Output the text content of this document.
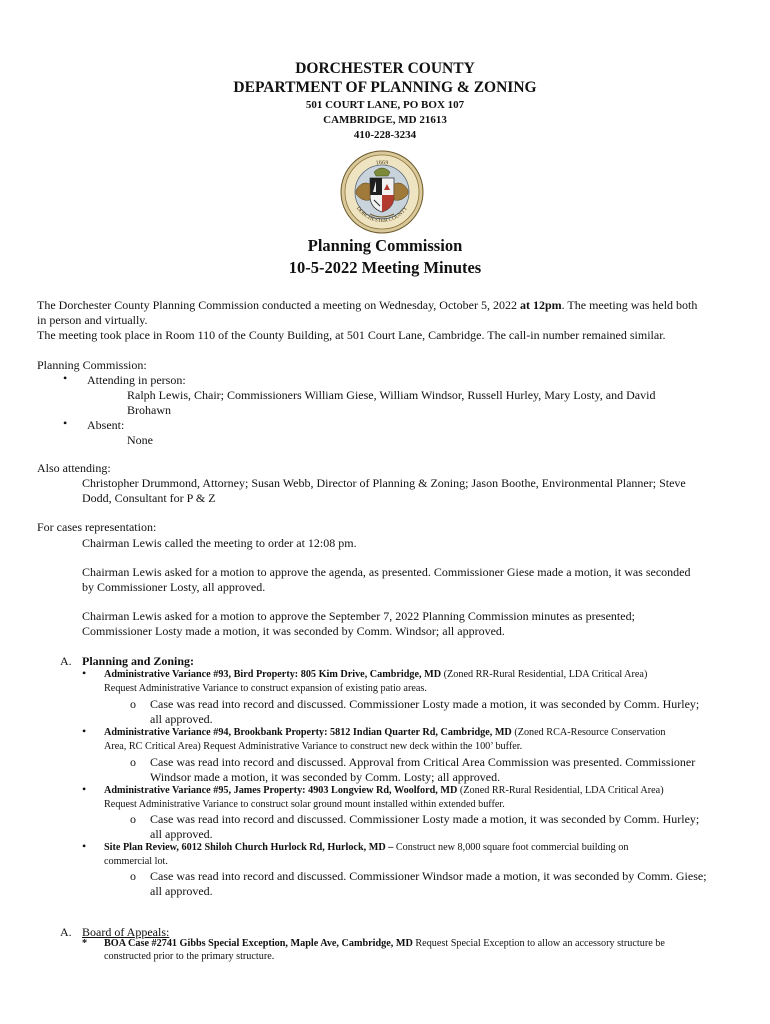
DORCHESTER COUNTY
DEPARTMENT OF PLANNING & ZONING
501 COURT LANE, PO BOX 107
CAMBRIDGE, MD 21613
410-228-3234
1669
DORCHESTER COUNTY
Planning Commission
10-5-2022 Meeting Minutes
The Dorchester County Planning Commission conducted a meeting on Wednesday, October 5, 2022 at 12pm. The meeting was held both
in person and virtually.
The meeting took place in Room 110 of the County Building, at 501 Court Lane, Cambridge. The call-in number remained similar.
Planning Commission:
• Attending in person:
Ralph Lewis, Chair; Commissioners William Giese, William Windsor, Russell Hurley, Mary Losty, and David
Brohawn
• Absent:
None
Also attending:
Christopher Drummond, Attorney; Susan Webb, Director of Planning & Zoning; Jason Boothe, Environmental Planner; Steve
Dodd, Consultant for P & Z
For cases representation:
Chairman Lewis called the meeting to order at 12:08 pm.
Chairman Lewis asked for a motion to approve the agenda, as presented. Commissioner Giese made a motion, it was seconded
by Commissioner Losty, all approved.
Chairman Lewis asked for a motion to approve the September 7, 2022 Planning Commission minutes as presented;
Commissioner Losty made a motion, it was seconded by Comm. Windsor; all approved.
A. Planning and Zoning:
• Administrative Variance #93, Bird Property: 805 Kim Drive, Cambridge, MD (Zoned RR-Rural Residential, LDA Critical Area)
Request Administrative Variance to construct expansion of existing patio areas.
o Case was read into record and discussed. Commissioner Losty made a motion, it was seconded by Comm. Hurley;
all approved.
• Administrative Variance #94, Brookbank Property: 5812 Indian Quarter Rd, Cambridge, MD (Zoned RCA-Resource Conservation
Area, RC Critical Area) Request Administrative Variance to construct new deck within the 100’ buffer.
o Case was read into record and discussed. Approval from Critical Area Commission was presented. Commissioner
Windsor made a motion, it was seconded by Comm. Losty; all approved.
• Administrative Variance #95, James Property: 4903 Longview Rd, Woolford, MD (Zoned RR-Rural Residential, LDA Critical Area)
Request Administrative Variance to construct solar ground mount installed within extended buffer.
o Case was read into record and discussed. Commissioner Losty made a motion, it was seconded by Comm. Hurley;
all approved.
• Site Plan Review, 6012 Shiloh Church Hurlock Rd, Hurlock, MD – Construct new 8,000 square foot commercial building on
commercial lot.
o Case was read into record and discussed. Commissioner Windsor made a motion, it was seconded by Comm. Giese;
all approved.
A. Board of Appeals:
* BOA Case #2741 Gibbs Special Exception, Maple Ave, Cambridge, MD Request Special Exception to allow an accessory structure be
constructed prior to the primary structure.
